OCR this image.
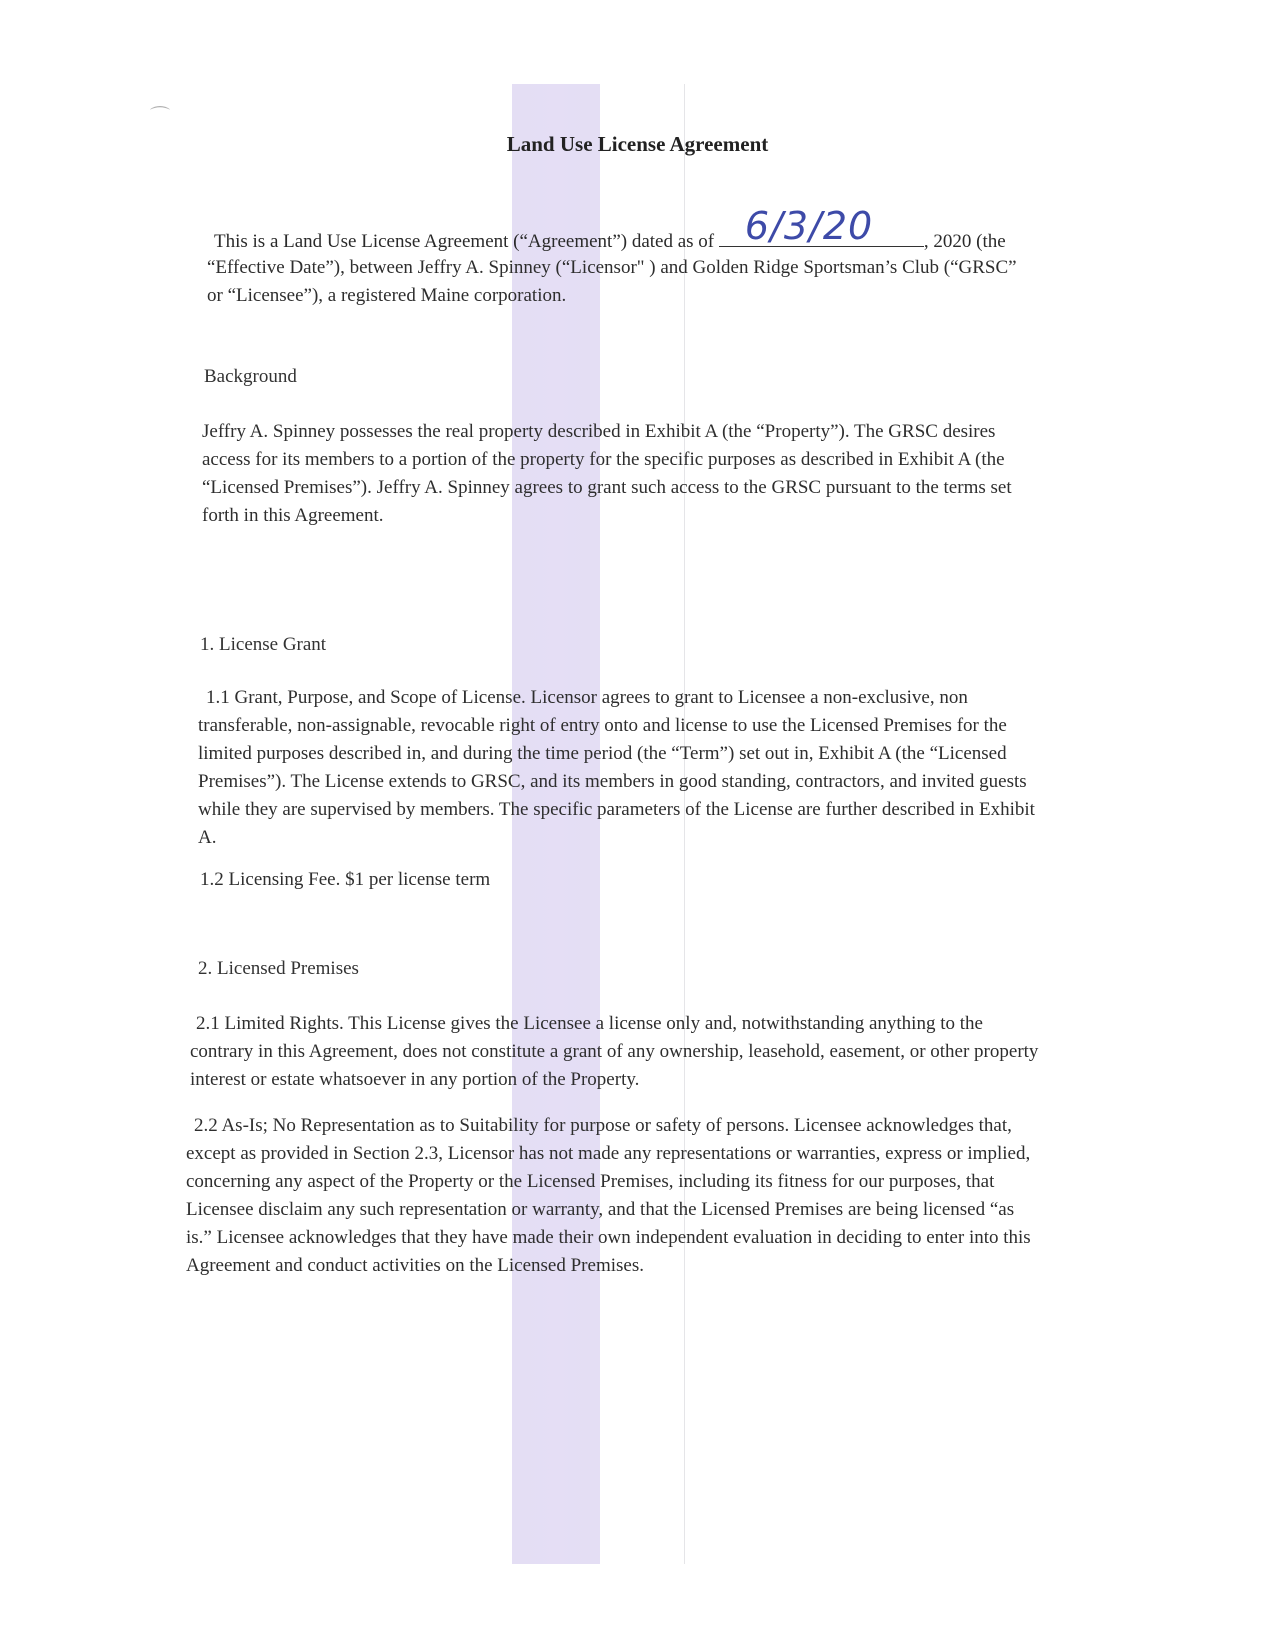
⌒
Land Use License Agreement
This is a Land Use License Agreement (“Agreement”) dated as of 6/3/20	, 2020 (the
“Effective Date”), between Jeffry A. Spinney (“Licensor" ) and Golden Ridge Sportsman’s Club (“GRSC” or “Licensee”), a registered Maine corporation.
Background
Jeffry A. Spinney possesses the real property described in Exhibit A (the “Property”). The GRSC desires access for its members to a portion of the property for the specific purposes as described in Exhibit A (the “Licensed Premises”). Jeffry A. Spinney agrees to grant such access to the GRSC pursuant to the terms set forth in this Agreement.
1. License Grant
1.1 Grant, Purpose, and Scope of License. Licensor agrees to grant to Licensee a non-exclusive, non transferable, non-assignable, revocable right of entry onto and license to use the Licensed Premises for the limited purposes described in, and during the time period (the “Term”) set out in, Exhibit A (the “Licensed Premises”). The License extends to GRSC, and its members in good standing, contractors, and invited guests while they are supervised by members. The specific parameters of the License are further described in Exhibit A.
1.2 Licensing Fee. $1 per license term
2. Licensed Premises
2.1 Limited Rights. This License gives the Licensee a license only and, notwithstanding anything to the contrary in this Agreement, does not constitute a grant of any ownership, leasehold, easement, or other property interest or estate whatsoever in any portion of the Property.
2.2 As-Is; No Representation as to Suitability for purpose or safety of persons. Licensee acknowledges that, except as provided in Section 2.3, Licensor has not made any representations or warranties, express or implied, concerning any aspect of the Property or the Licensed Premises, including its fitness for our purposes, that Licensee disclaim any such representation or warranty, and that the Licensed Premises are being licensed “as is.” Licensee acknowledges that they have made their own independent evaluation in deciding to enter into this Agreement and conduct activities on the Licensed Premises.
